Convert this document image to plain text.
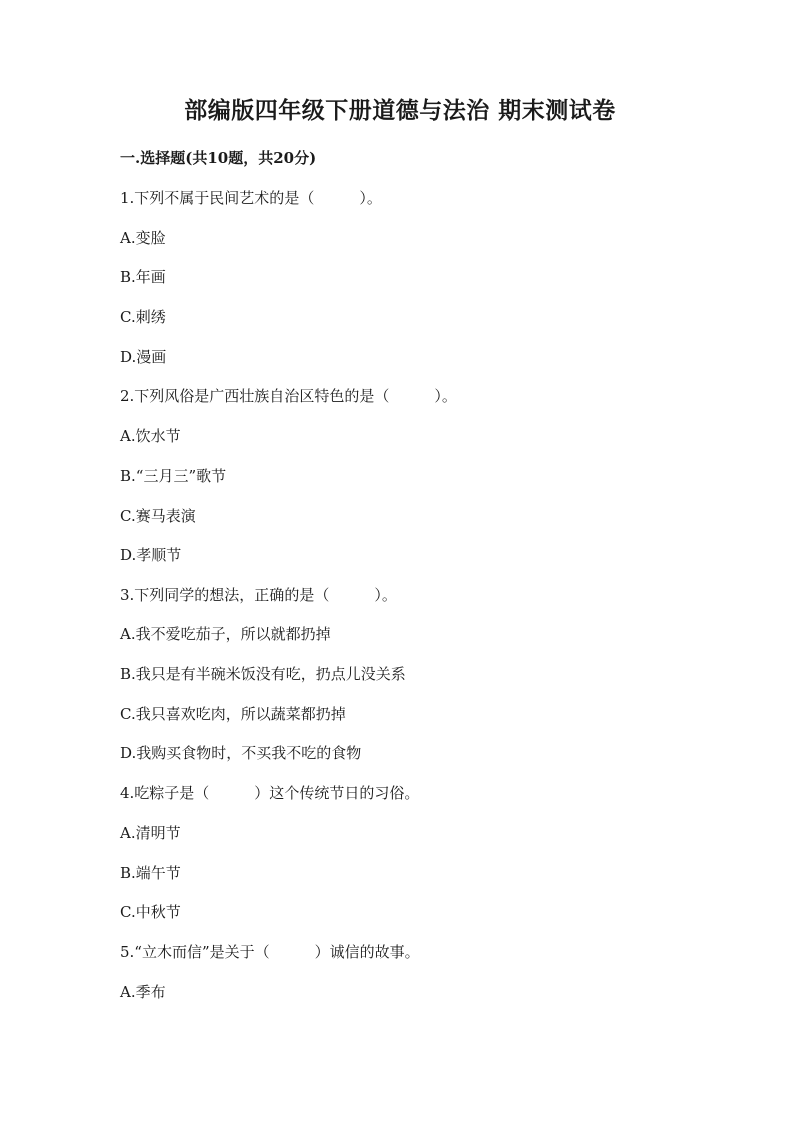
部编版四年级下册道德与法治 期末测试卷
一.选择题(共10题，共20分)
1.下列不属于民间艺术的是（　　　）。
A.变脸
B.年画
C.刺绣
D.漫画
2.下列风俗是广西壮族自治区特色的是（　　　）。
A.饮水节
B.“三月三”歌节
C.赛马表演
D.孝顺节
3.下列同学的想法，正确的是（　　　）。
A.我不爱吃茄子，所以就都扔掉
B.我只是有半碗米饭没有吃，扔点儿没关系
C.我只喜欢吃肉，所以蔬菜都扔掉
D.我购买食物时，不买我不吃的食物
4.吃粽子是（　　　）这个传统节日的习俗。
A.清明节
B.端午节
C.中秋节
5.“立木而信”是关于（　　　）诚信的故事。
A.季布
